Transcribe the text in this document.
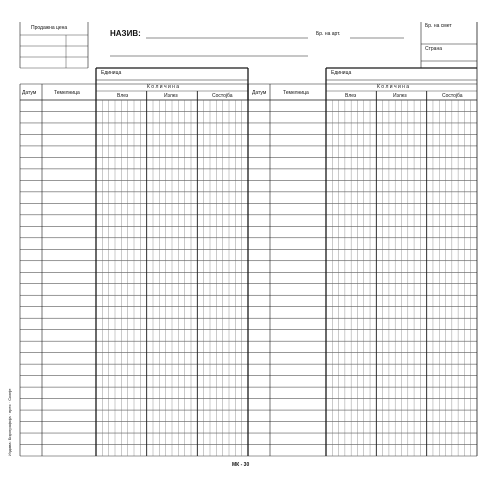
Продажна цена
НАЗИВ:	Бр. на арт.
Бр. на смет
Страна
Единица
Датум	Темелница
К о л и ч и н а
Влез	Излез	Состојба
Единица
Датум	Темелница
К о л и ч и н а
Влез	Излез	Состојба
МК - 30
Издава: Бирографија · прес · Скопје
